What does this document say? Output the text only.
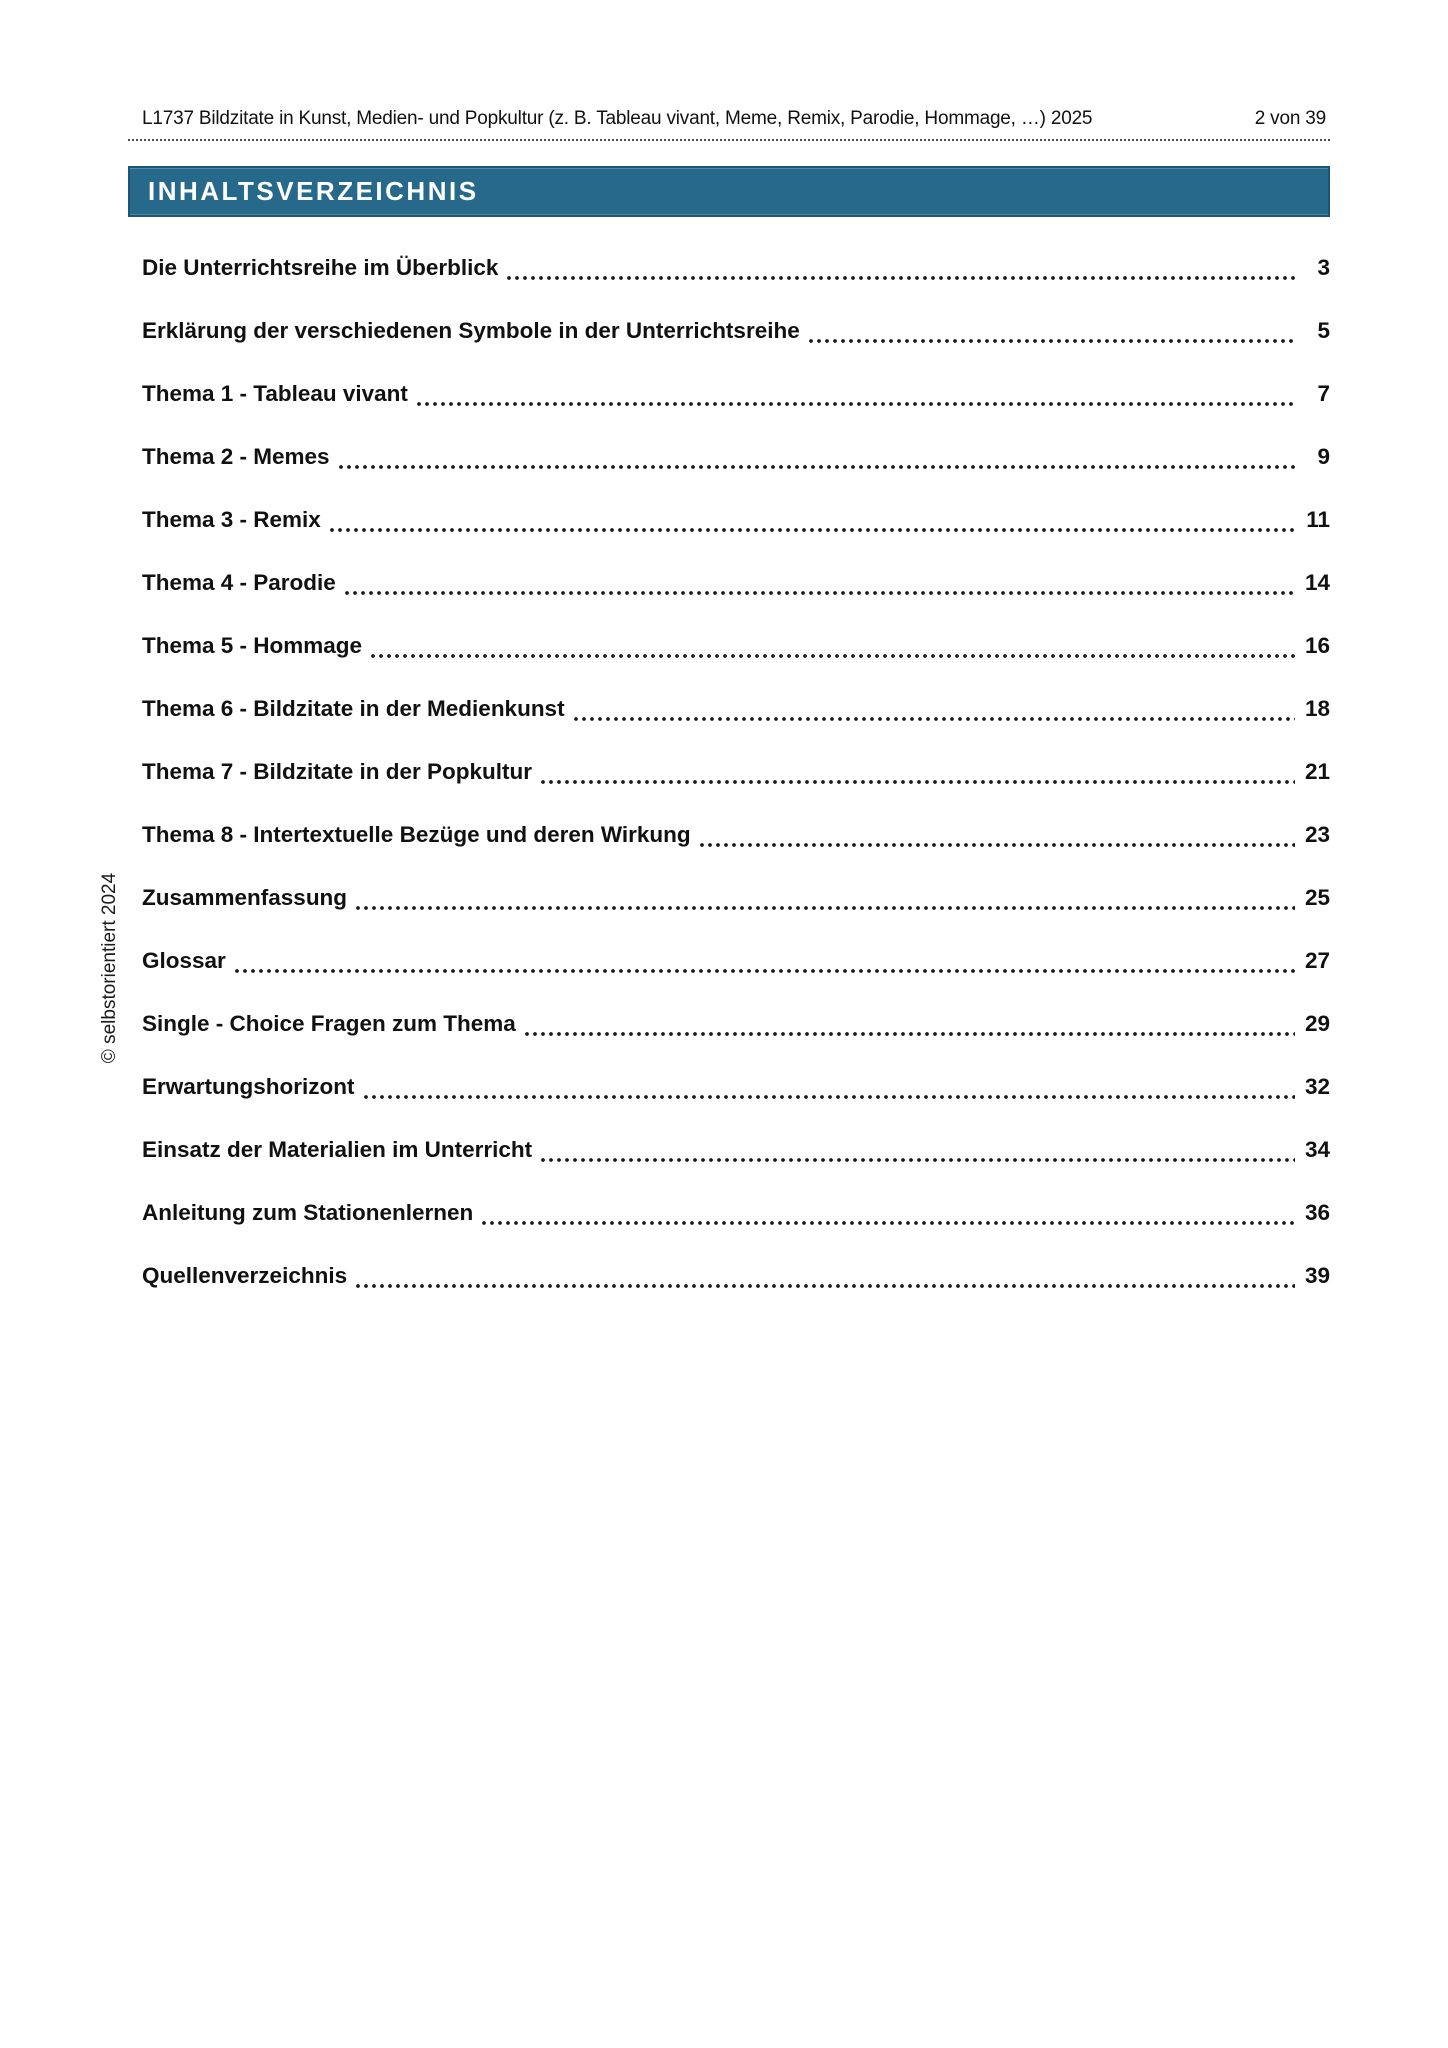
L1737 Bildzitate in Kunst, Medien- und Popkultur (z. B. Tableau vivant, Meme, Remix, Parodie, Hommage, …) 2025	2 von 39
INHALTSVERZEICHNIS
Die Unterrichtsreihe im Überblick	3
Erklärung der verschiedenen Symbole in der Unterrichtsreihe	5
Thema 1 - Tableau vivant	7
Thema 2 - Memes	9
Thema 3 - Remix	11
Thema 4 - Parodie	14
Thema 5 - Hommage	16
Thema 6 - Bildzitate in der Medienkunst	18
Thema 7 - Bildzitate in der Popkultur	21
Thema 8 - Intertextuelle Bezüge und deren Wirkung	23
Zusammenfassung	25
Glossar	27
Single - Choice Fragen zum Thema	29
Erwartungshorizont	32
Einsatz der Materialien im Unterricht	34
Anleitung zum Stationenlernen	36
Quellenverzeichnis	39
© selbstorientiert 2024
